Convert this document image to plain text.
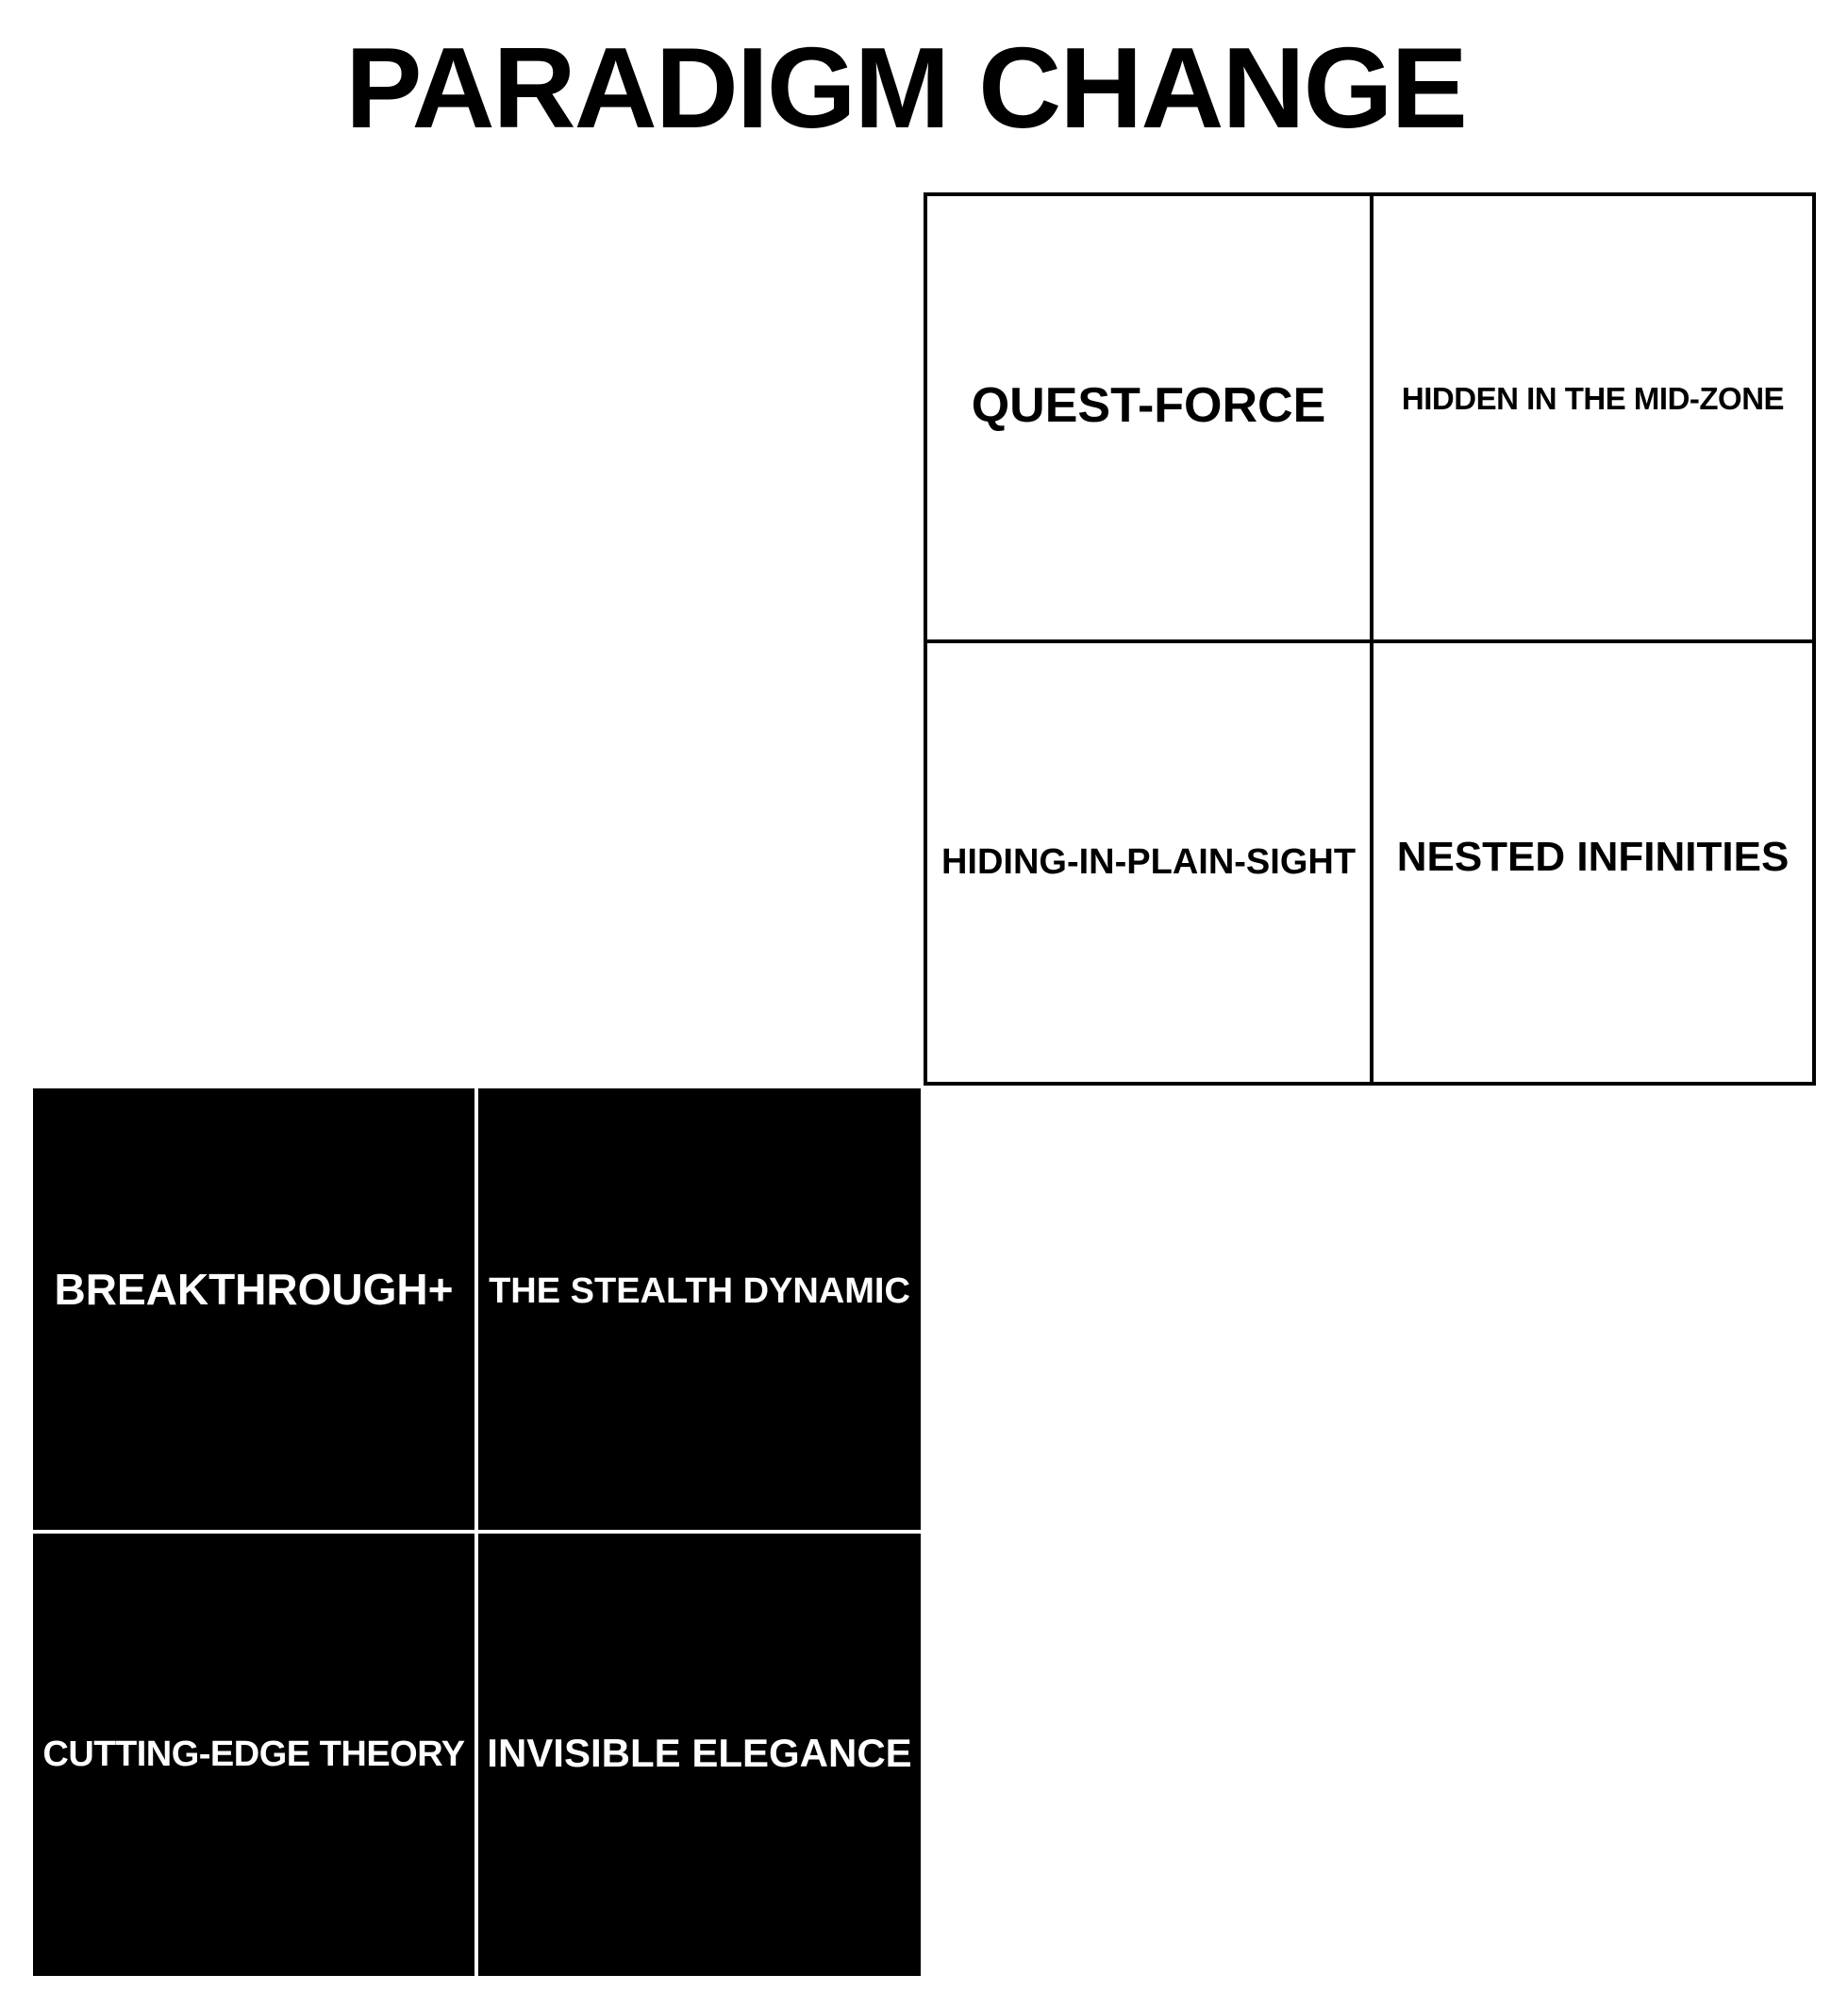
PARADIGM CHANGE
QUEST-FORCE HIDDEN IN THE MID-ZONE
HIDING-IN-PLAIN-SIGHT NESTED INFINITIES
BREAKTHROUGH+ THE STEALTH DYNAMIC
CUTTING-EDGE THEORY INVISIBLE ELEGANCE
